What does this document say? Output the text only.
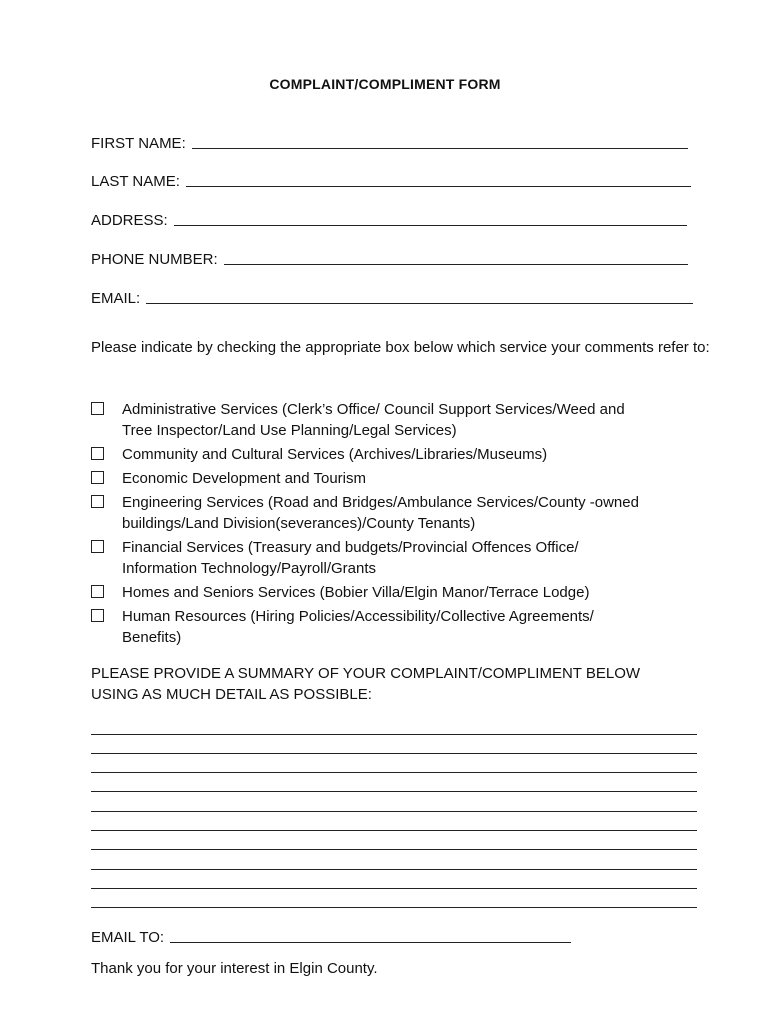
COMPLAINT/COMPLIMENT FORM
FIRST NAME:
LAST NAME:
ADDRESS:
PHONE NUMBER:
EMAIL:
Please indicate by checking the appropriate box below which service your comments refer to:
Administrative Services (Clerk’s Office/ Council Support Services/Weed and
Tree Inspector/Land Use Planning/Legal Services)
Community and Cultural Services (Archives/Libraries/Museums)
Economic Development and Tourism
Engineering Services (Road and Bridges/Ambulance Services/County -owned
buildings/Land Division(severances)/County Tenants)
Financial Services (Treasury and budgets/Provincial Offences Office/
Information Technology/Payroll/Grants
Homes and Seniors Services (Bobier Villa/Elgin Manor/Terrace Lodge)
Human Resources (Hiring Policies/Accessibility/Collective Agreements/
Benefits)
PLEASE PROVIDE A SUMMARY OF YOUR COMPLAINT/COMPLIMENT BELOW
USING AS MUCH DETAIL AS POSSIBLE:
EMAIL TO:
Thank you for your interest in Elgin County.
